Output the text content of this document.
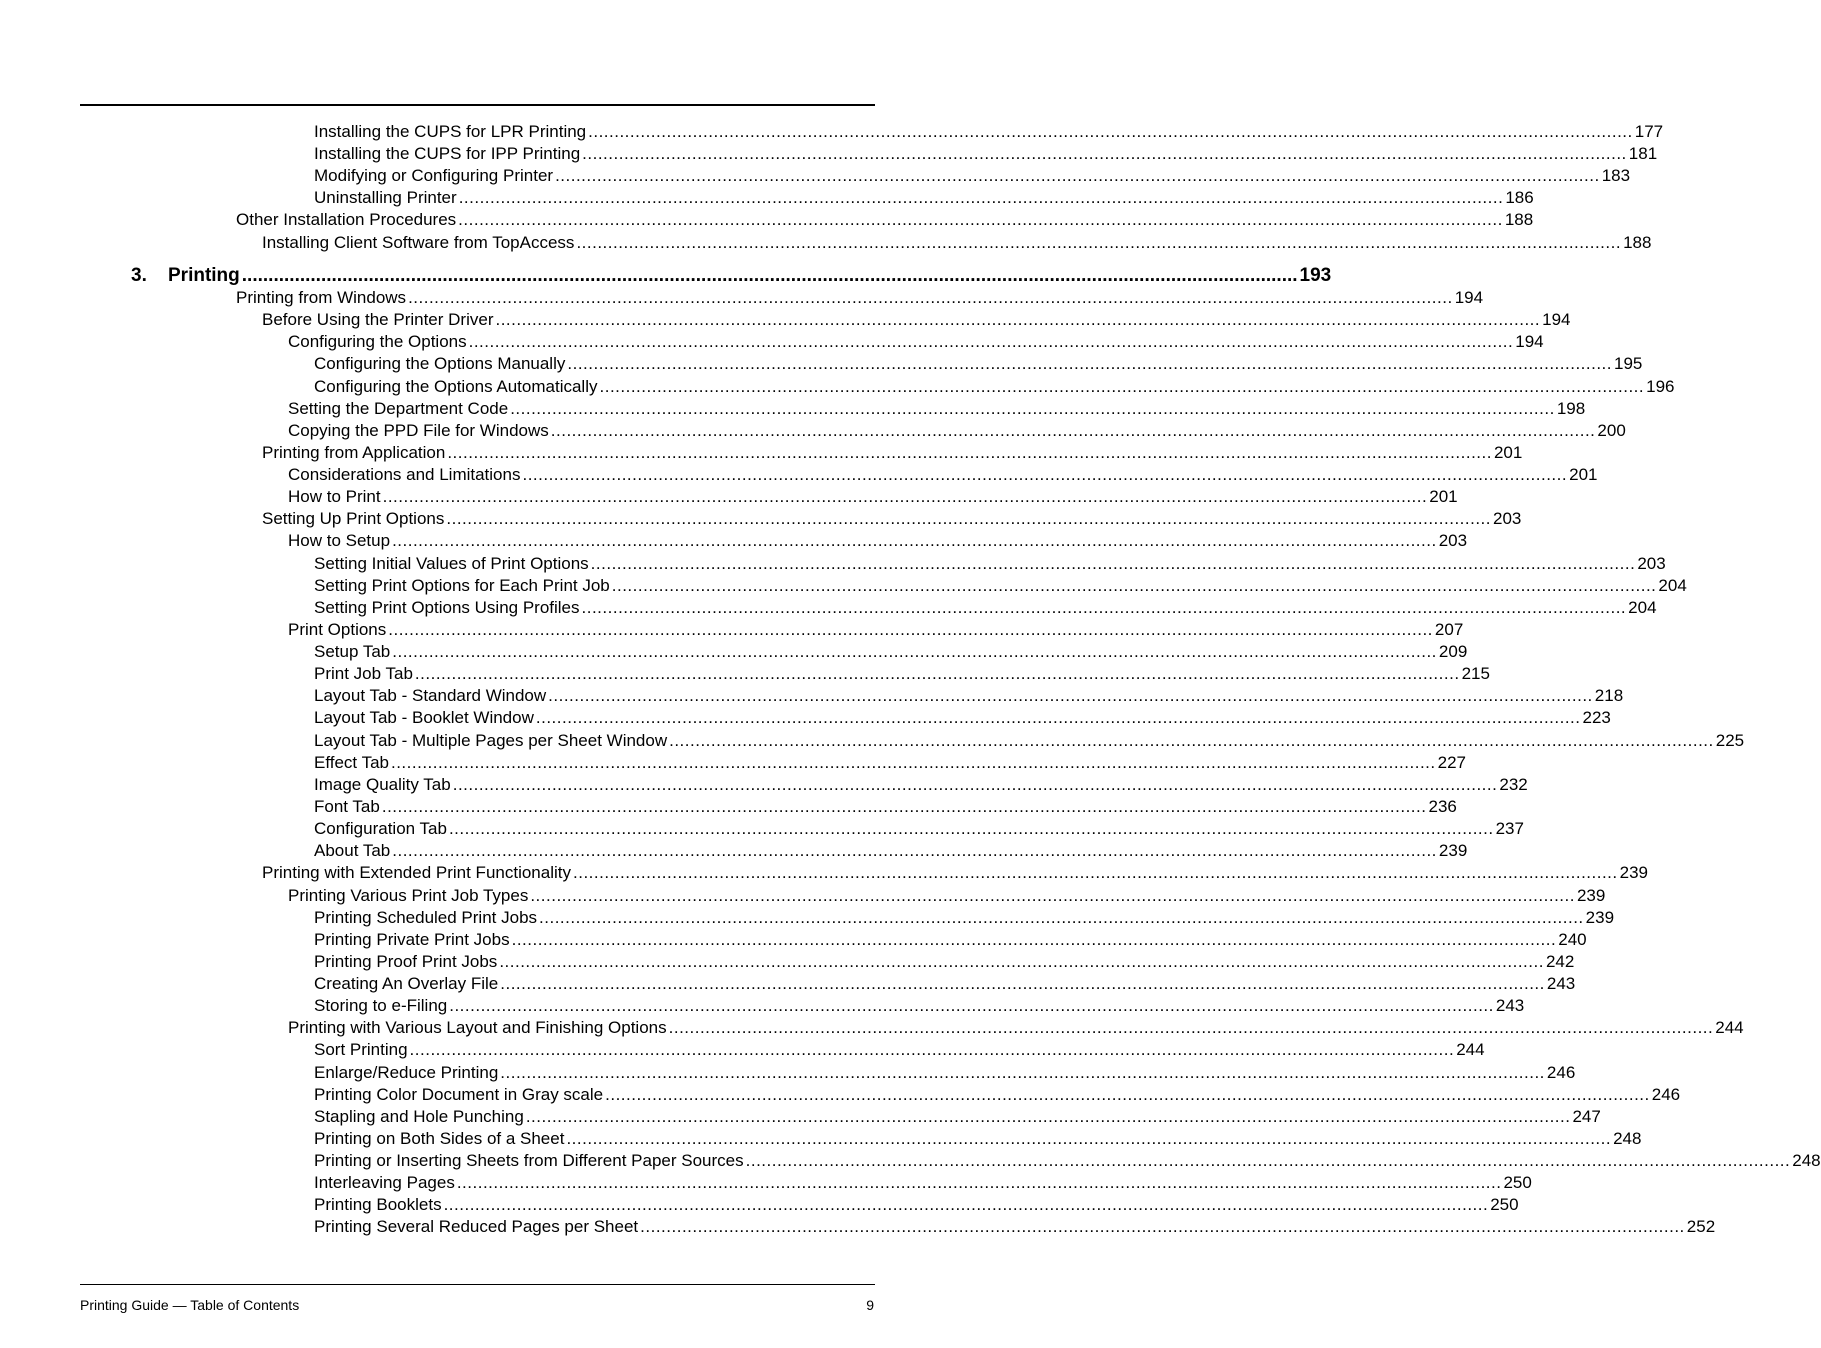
Installing the CUPS for LPR Printing ........................................................................................................................................................................................................ 177
Installing the CUPS for IPP Printing ........................................................................................................................................................................................................ 181
Modifying or Configuring Printer ........................................................................................................................................................................................................ 183
Uninstalling Printer ........................................................................................................................................................................................................ 186
Other Installation Procedures ........................................................................................................................................................................................................ 188
Installing Client Software from TopAccess ........................................................................................................................................................................................................ 188
Printing from Windows ........................................................................................................................................................................................................ 194
Before Using the Printer Driver ........................................................................................................................................................................................................ 194
Configuring the Options ........................................................................................................................................................................................................ 194
Configuring the Options Manually ........................................................................................................................................................................................................ 195
Configuring the Options Automatically ........................................................................................................................................................................................................ 196
Setting the Department Code ........................................................................................................................................................................................................ 198
Copying the PPD File for Windows ........................................................................................................................................................................................................ 200
Printing from Application ........................................................................................................................................................................................................ 201
Considerations and Limitations ........................................................................................................................................................................................................ 201
How to Print ........................................................................................................................................................................................................ 201
Setting Up Print Options ........................................................................................................................................................................................................ 203
How to Setup ........................................................................................................................................................................................................ 203
Setting Initial Values of Print Options ........................................................................................................................................................................................................ 203
Setting Print Options for Each Print Job ........................................................................................................................................................................................................ 204
Setting Print Options Using Profiles ........................................................................................................................................................................................................ 204
Print Options ........................................................................................................................................................................................................ 207
Setup Tab ........................................................................................................................................................................................................ 209
Print Job Tab ........................................................................................................................................................................................................ 215
Layout Tab - Standard Window ........................................................................................................................................................................................................ 218
Layout Tab - Booklet Window ........................................................................................................................................................................................................ 223
Layout Tab - Multiple Pages per Sheet Window ........................................................................................................................................................................................................ 225
Effect Tab ........................................................................................................................................................................................................ 227
Image Quality Tab ........................................................................................................................................................................................................ 232
Font Tab ........................................................................................................................................................................................................ 236
Configuration Tab ........................................................................................................................................................................................................ 237
About Tab ........................................................................................................................................................................................................ 239
Printing with Extended Print Functionality ........................................................................................................................................................................................................ 239
Printing Various Print Job Types ........................................................................................................................................................................................................ 239
Printing Scheduled Print Jobs ........................................................................................................................................................................................................ 239
Printing Private Print Jobs ........................................................................................................................................................................................................ 240
Printing Proof Print Jobs ........................................................................................................................................................................................................ 242
Creating An Overlay File ........................................................................................................................................................................................................ 243
Storing to e-Filing ........................................................................................................................................................................................................ 243
Printing with Various Layout and Finishing Options ........................................................................................................................................................................................................ 244
Sort Printing ........................................................................................................................................................................................................ 244
Enlarge/Reduce Printing ........................................................................................................................................................................................................ 246
Printing Color Document in Gray scale ........................................................................................................................................................................................................ 246
Stapling and Hole Punching ........................................................................................................................................................................................................ 247
Printing on Both Sides of a Sheet ........................................................................................................................................................................................................ 248
Printing or Inserting Sheets from Different Paper Sources ........................................................................................................................................................................................................ 248
Interleaving Pages ........................................................................................................................................................................................................ 250
Printing Booklets ........................................................................................................................................................................................................ 250
Printing Several Reduced Pages per Sheet ........................................................................................................................................................................................................ 252
3.	Printing ........................................................................................................................................................................................................ 193
Printing Guide — Table of Contents	9
